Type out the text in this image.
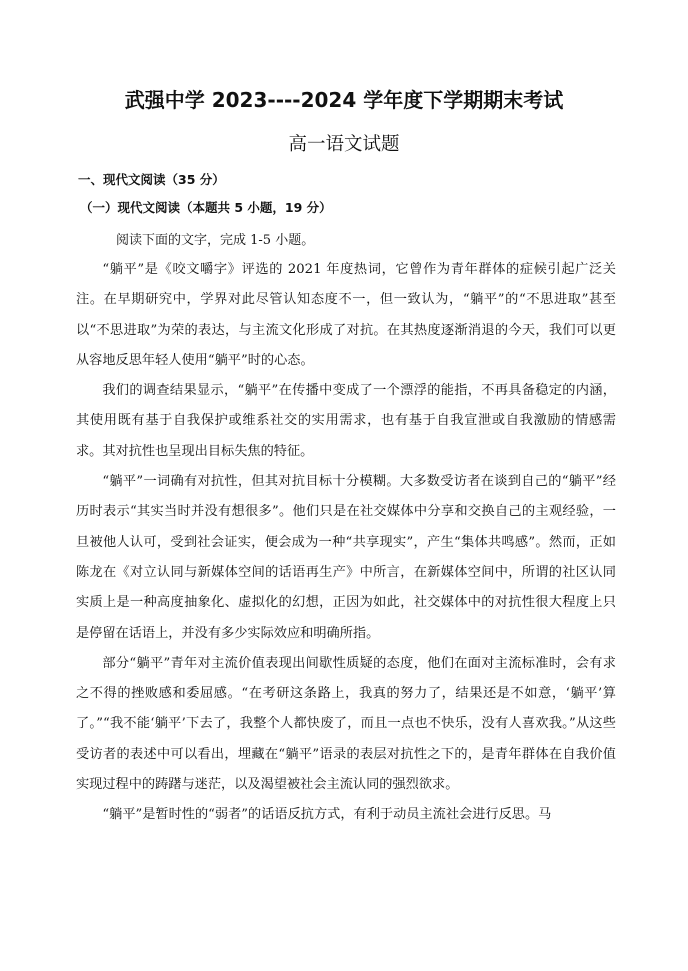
武强中学 2023----2024 学年度下学期期末考试
高一语文试题
一、现代文阅读（35 分）
（一）现代文阅读（本题共 5 小题，19 分）
阅读下面的文字，完成 1-5 小题。

“躺平”是《咬文嚼字》评选的 2021 年度热词，它曾作为青年群体的症候引起广泛关注。在早期研究中，学界对此尽管认知态度不一，但一致认为，“躺平”的“不思进取”甚至以“不思进取”为荣的表达，与主流文化形成了对抗。在其热度逐渐消退的今天，我们可以更从容地反思年轻人使用“躺平”时的心态。

我们的调查结果显示，“躺平”在传播中变成了一个漂浮的能指，不再具备稳定的内涵，其使用既有基于自我保护或维系社交的实用需求，也有基于自我宣泄或自我激励的情感需求。其对抗性也呈现出目标失焦的特征。

“躺平”一词确有对抗性，但其对抗目标十分模糊。大多数受访者在谈到自己的“躺平”经历时表示“其实当时并没有想很多”。他们只是在社交媒体中分享和交换自己的主观经验，一旦被他人认可，受到社会证实，便会成为一种“共享现实”，产生“集体共鸣感”。然而，正如陈龙在《对立认同与新媒体空间的话语再生产》中所言，在新媒体空间中，所谓的社区认同实质上是一种高度抽象化、虚拟化的幻想，正因为如此，社交媒体中的对抗性很大程度上只是停留在话语上，并没有多少实际效应和明确所指。

部分“躺平”青年对主流价值表现出间歇性质疑的态度，他们在面对主流标准时，会有求之不得的挫败感和委屈感。“在考研这条路上，我真的努力了，结果还是不如意，‘躺平’算了。”“我不能‘躺平’下去了，我整个人都快废了，而且一点也不快乐，没有人喜欢我。”从这些受访者的表述中可以看出，埋藏在“躺平”语录的表层对抗性之下的，是青年群体在自我价值实现过程中的踌躇与迷茫，以及渴望被社会主流认同的强烈欲求。

“躺平”是暂时性的“弱者”的话语反抗方式，有利于动员主流社会进行反思。马
